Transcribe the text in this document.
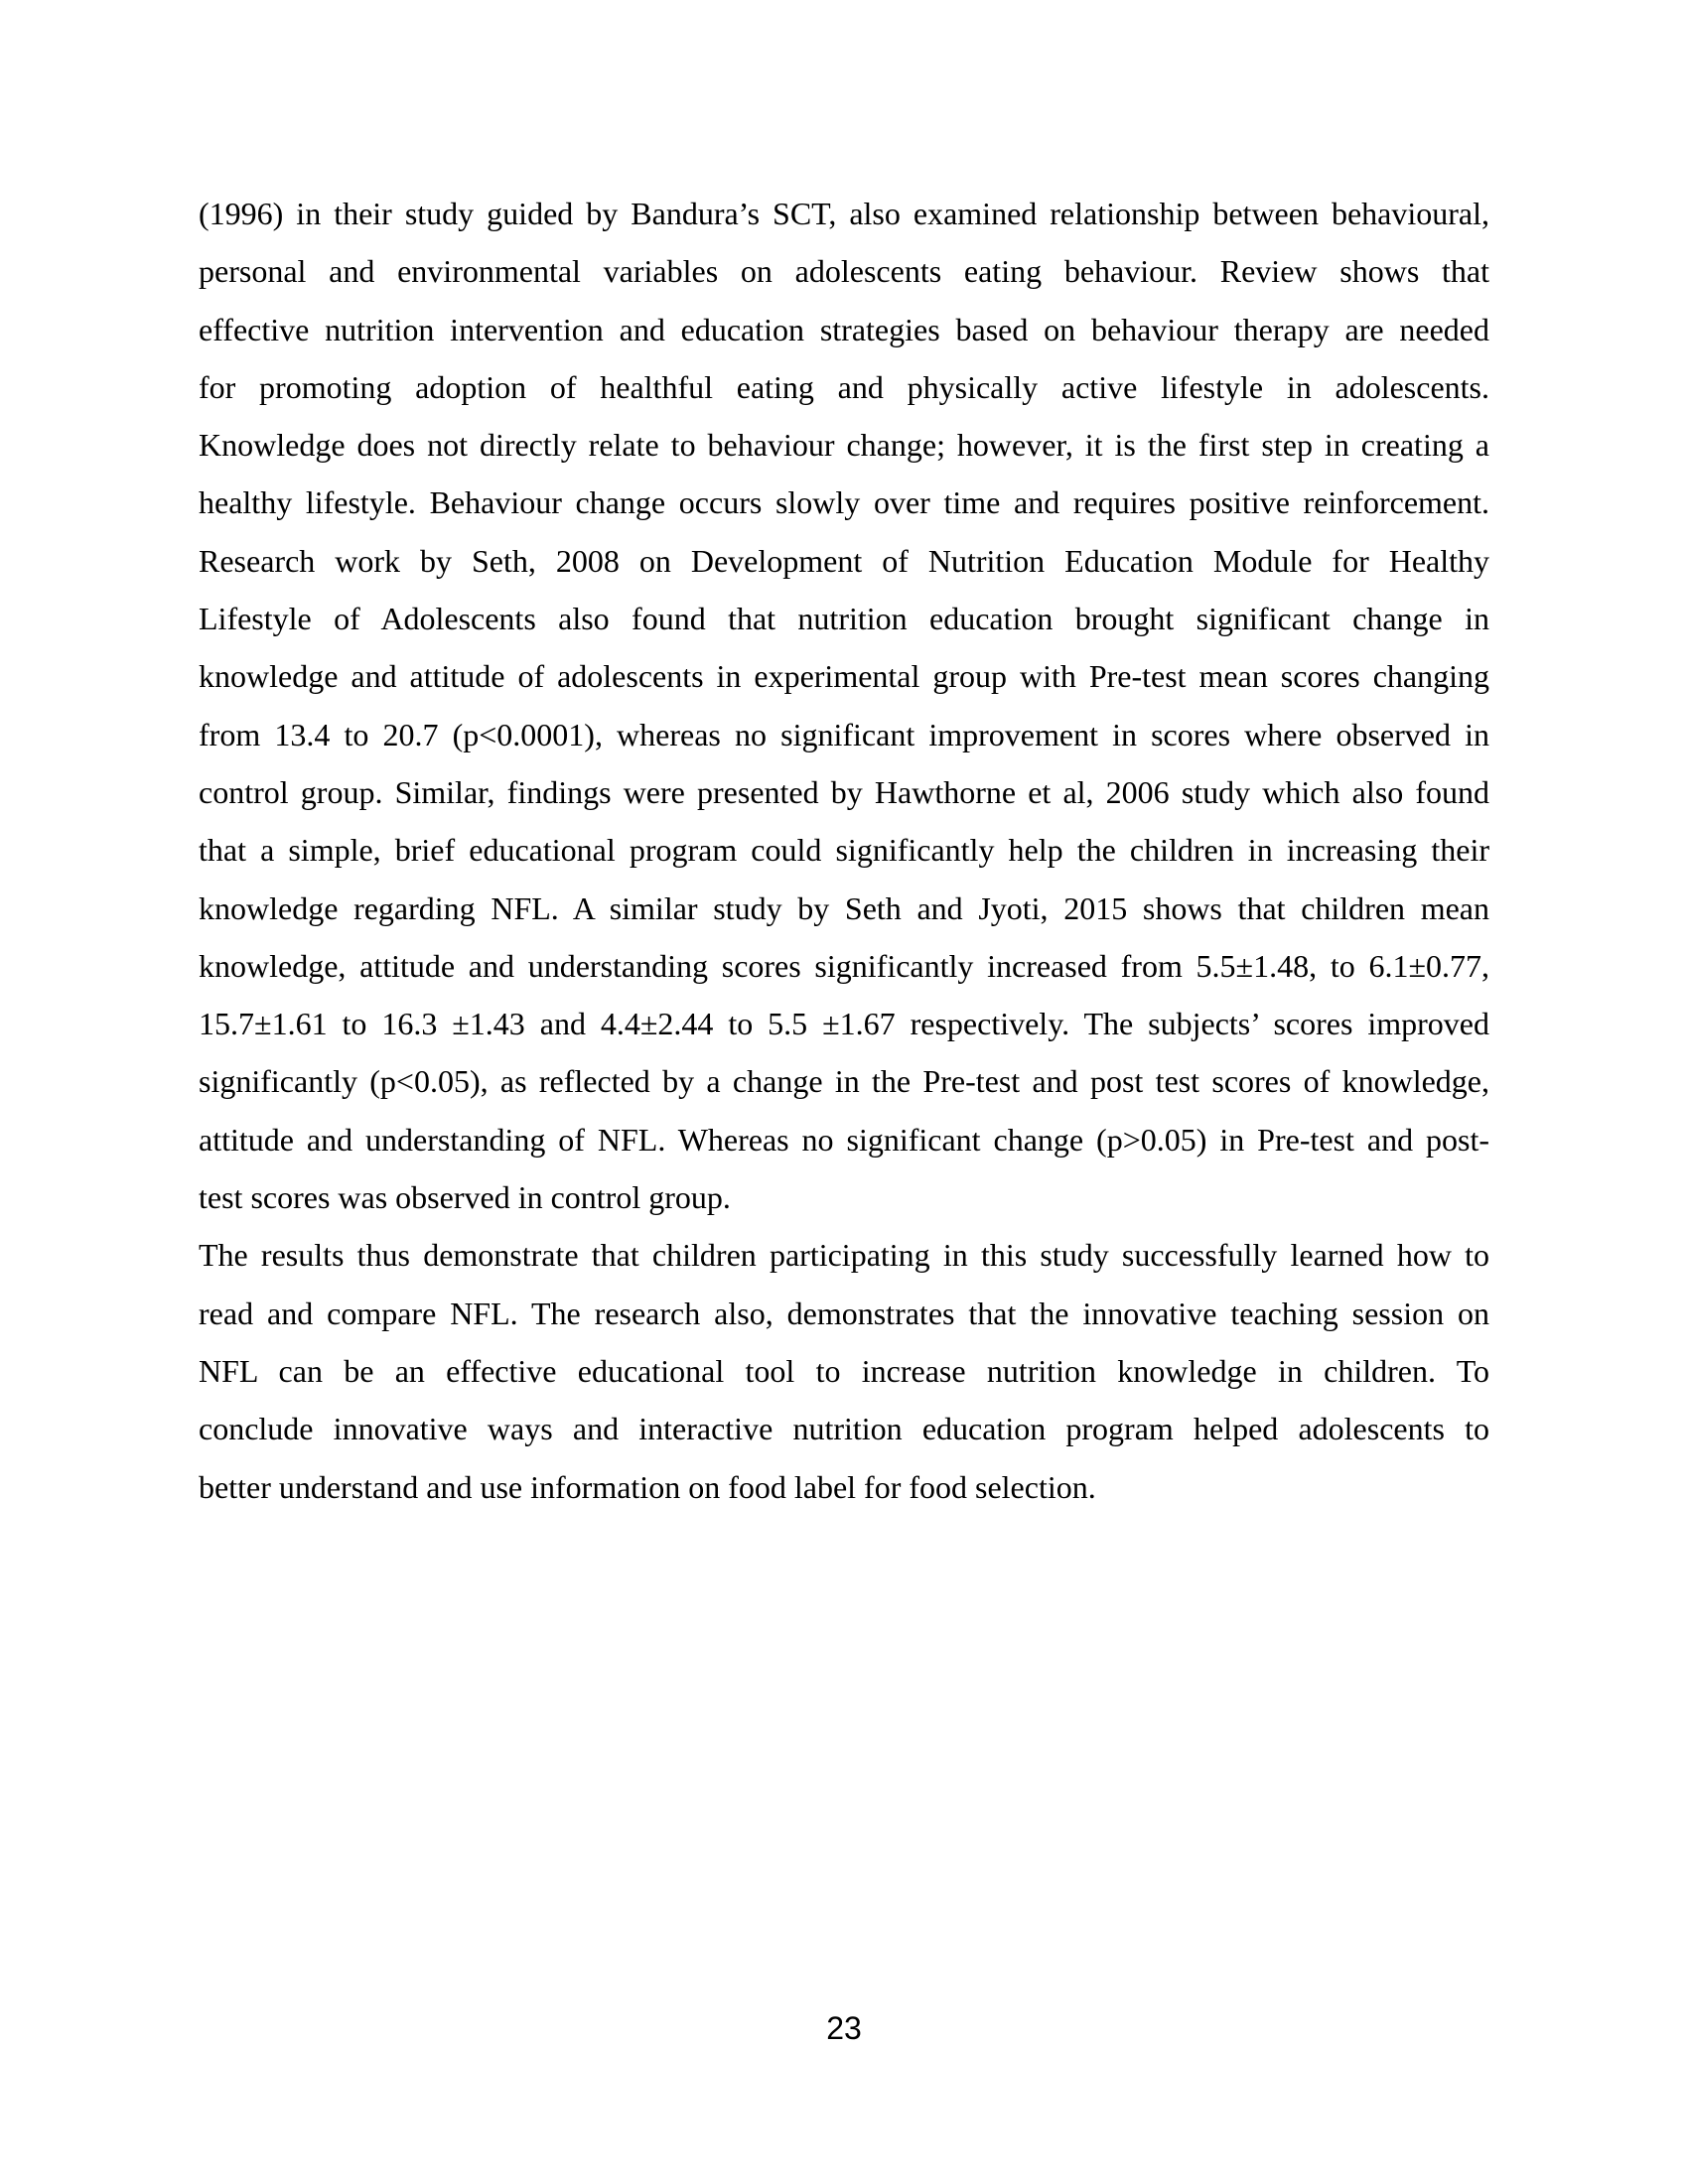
(1996) in their study guided by Bandura’s SCT, also examined relationship between behavioural,
personal and environmental variables on adolescents eating behaviour. Review shows that
effective nutrition intervention and education strategies based on behaviour therapy are needed
for promoting adoption of healthful eating and physically active lifestyle in adolescents.
Knowledge does not directly relate to behaviour change; however, it is the first step in creating a
healthy lifestyle. Behaviour change occurs slowly over time and requires positive reinforcement.
Research work by Seth, 2008 on Development of Nutrition Education Module for Healthy
Lifestyle of Adolescents also found that nutrition education brought significant change in
knowledge and attitude of adolescents in experimental group with Pre-test mean scores changing
from 13.4 to 20.7 (p<0.0001), whereas no significant improvement in scores where observed in
control group. Similar, findings were presented by Hawthorne et al, 2006 study which also found
that a simple, brief educational program could significantly help the children in increasing their
knowledge regarding NFL. A similar study by Seth and Jyoti, 2015 shows that children mean
knowledge, attitude and understanding scores significantly increased from 5.5±1.48, to 6.1±0.77,
15.7±1.61 to 16.3 ±1.43 and 4.4±2.44 to 5.5 ±1.67 respectively. The subjects’ scores improved
significantly (p<0.05), as reflected by a change in the Pre-test and post test scores of knowledge,
attitude and understanding of NFL. Whereas no significant change (p>0.05) in Pre-test and post-
test scores was observed in control group.
The results thus demonstrate that children participating in this study successfully learned how to
read and compare NFL. The research also, demonstrates that the innovative teaching session on
NFL can be an effective educational tool to increase nutrition knowledge in children. To
conclude innovative ways and interactive nutrition education program helped adolescents to
better understand and use information on food label for food selection.
23
